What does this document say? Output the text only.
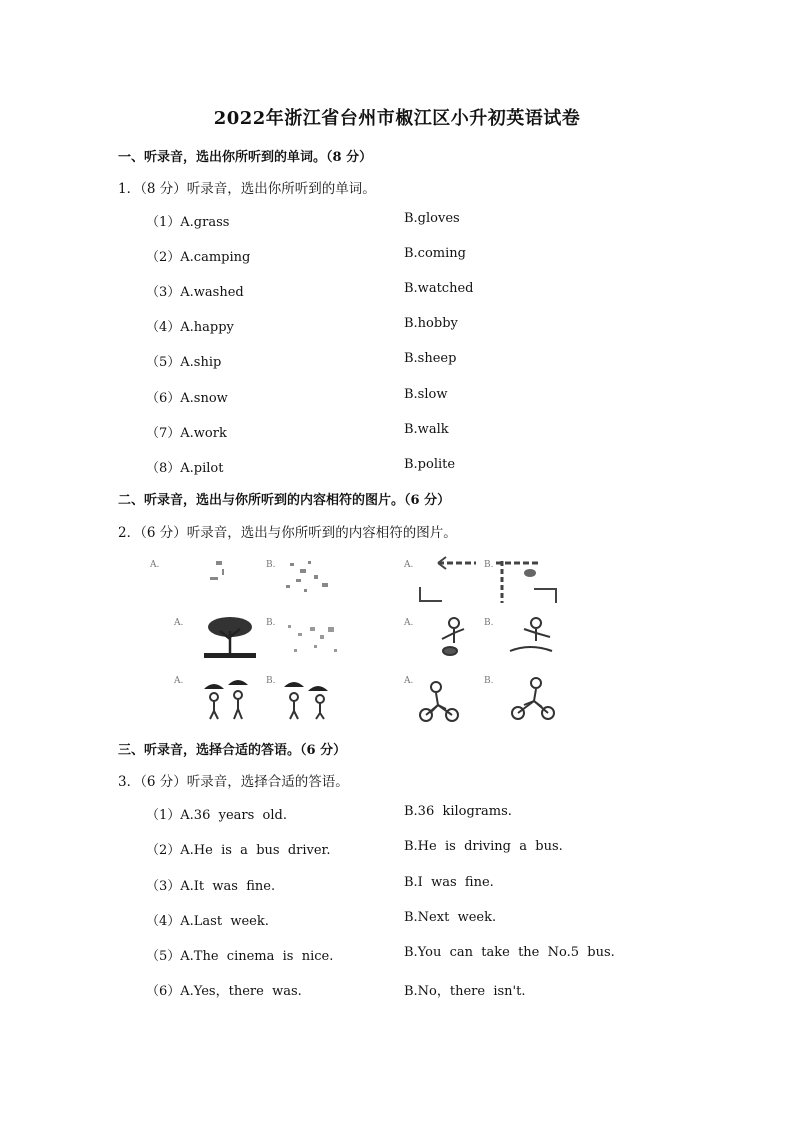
2022年浙江省台州市椒江区小升初英语试卷
一、听录音，选出你所听到的单词。（8 分）
1．（8 分）听录音，选出你所听到的单词。
（1）A.grass	B.gloves
（2）A.camping	B.coming
（3）A.washed	B.watched
（4）A.happy	B.hobby
（5）A.ship	B.sheep
（6）A.snow	B.slow
（7）A.work	B.walk
（8）A.pilot	B.polite
二、听录音，选出与你所听到的内容相符的图片。（6 分）
2．（6 分）听录音，选出与你所听到的内容相符的图片。
A.	B.	A.	B.
A.	B.	A.	B.
A.	B.	A.	B.
三、听录音，选择合适的答语。（6 分）
3．（6 分）听录音，选择合适的答语。
（1）A.36  years  old.	B.36  kilograms.
（2）A.He  is  a  bus  driver.	B.He  is  driving  a  bus.
（3）A.It  was  fine.	B.I  was  fine.
（4）A.Last  week.	B.Next  week.
（5）A.The  cinema  is  nice.	B.You  can  take  the  No.5  bus.
（6）A.Yes，there  was.	B.No，there  isn't.
